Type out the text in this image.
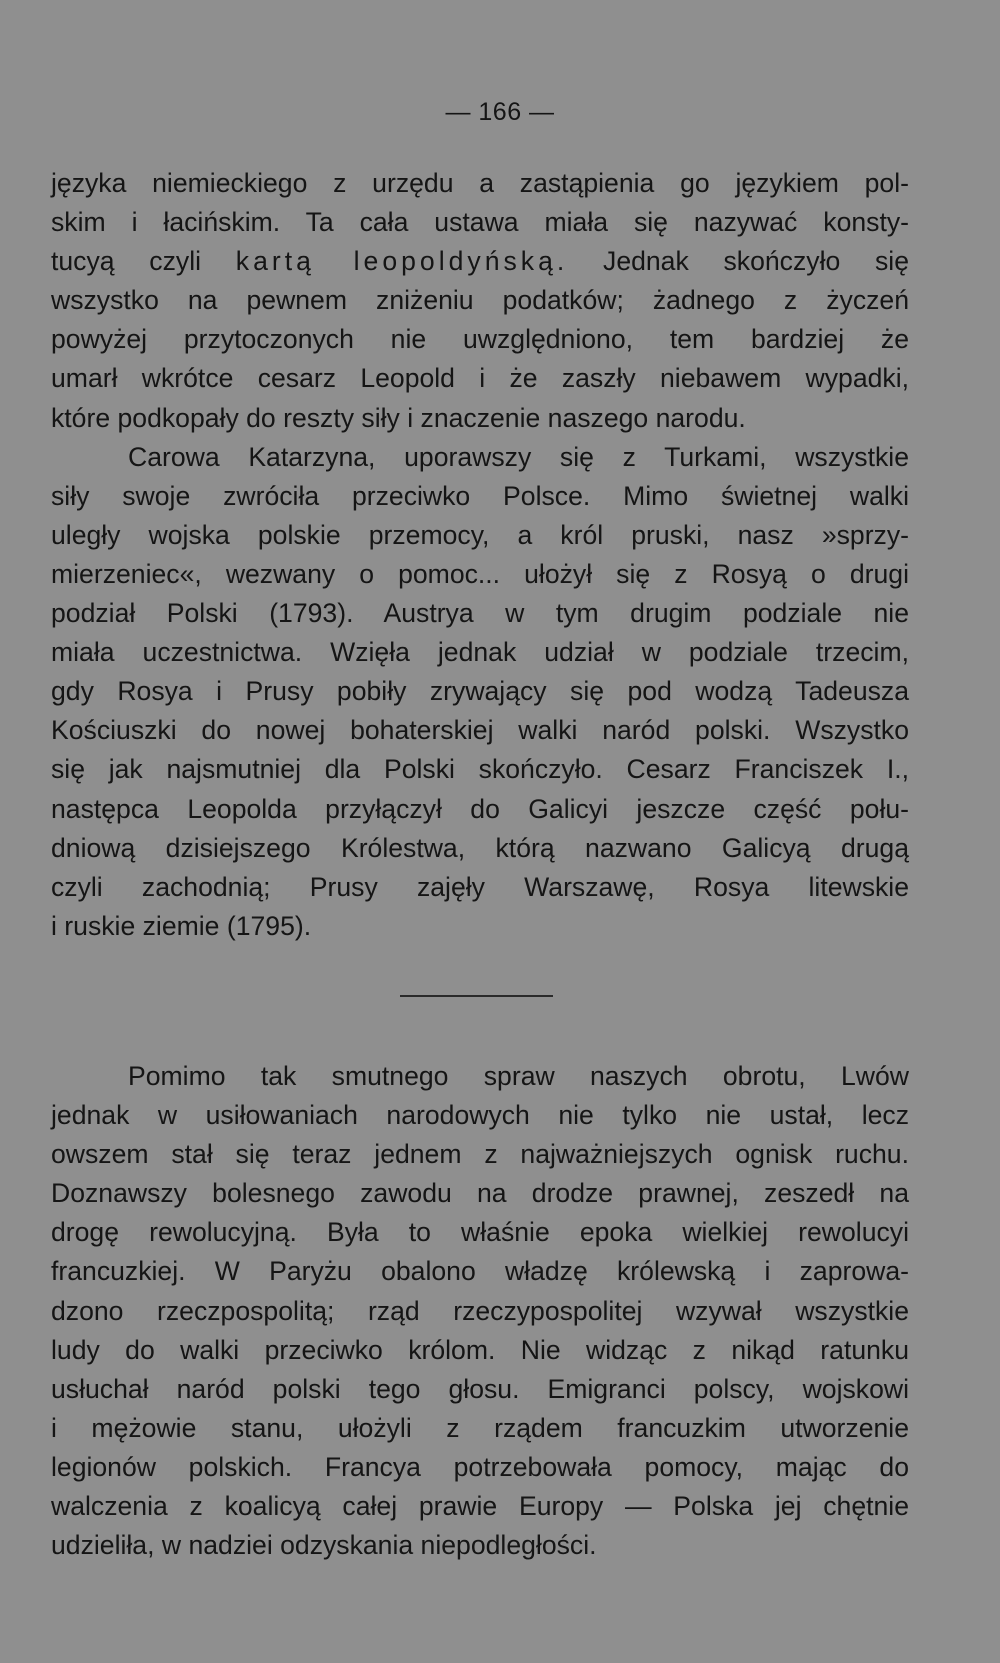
— 166 —
języka niemieckiego z urzędu a zastąpienia go językiem pol-
skim i łacińskim. Ta cała ustawa miała się nazywać konsty-
tucyą czyli kartą leopoldyńską. Jednak skończyło się
wszystko na pewnem zniżeniu podatków; żadnego z życzeń
powyżej przytoczonych nie uwzględniono, tem bardziej że
umarł wkrótce cesarz Leopold i że zaszły niebawem wypadki,
które podkopały do reszty siły i znaczenie naszego narodu.
Carowa Katarzyna, uporawszy się z Turkami, wszystkie
siły swoje zwróciła przeciwko Polsce. Mimo świetnej walki
uległy wojska polskie przemocy, a król pruski, nasz »sprzy-
mierzeniec«, wezwany o pomoc... ułożył się z Rosyą o drugi
podział Polski (1793). Austrya w tym drugim podziale nie
miała uczestnictwa. Wzięła jednak udział w podziale trzecim,
gdy Rosya i Prusy pobiły zrywający się pod wodzą Tadeusza
Kościuszki do nowej bohaterskiej walki naród polski. Wszystko
się jak najsmutniej dla Polski skończyło. Cesarz Franciszek I.,
następca Leopolda przyłączył do Galicyi jeszcze część połu-
dniową dzisiejszego Królestwa, którą nazwano Galicyą drugą
czyli zachodnią; Prusy zajęły Warszawę, Rosya litewskie
i ruskie ziemie (1795).
Pomimo tak smutnego spraw naszych obrotu, Lwów
jednak w usiłowaniach narodowych nie tylko nie ustał, lecz
owszem stał się teraz jednem z najważniejszych ognisk ruchu.
Doznawszy bolesnego zawodu na drodze prawnej, zeszedł na
drogę rewolucyjną. Była to właśnie epoka wielkiej rewolucyi
francuzkiej. W Paryżu obalono władzę królewską i zaprowa-
dzono rzeczpospolitą; rząd rzeczypospolitej wzywał wszystkie
ludy do walki przeciwko królom. Nie widząc z nikąd ratunku
usłuchał naród polski tego głosu. Emigranci polscy, wojskowi
i mężowie stanu, ułożyli z rządem francuzkim utworzenie
legionów polskich. Francya potrzebowała pomocy, mając do
walczenia z koalicyą całej prawie Europy — Polska jej chętnie
udzieliła, w nadziei odzyskania niepodległości.
